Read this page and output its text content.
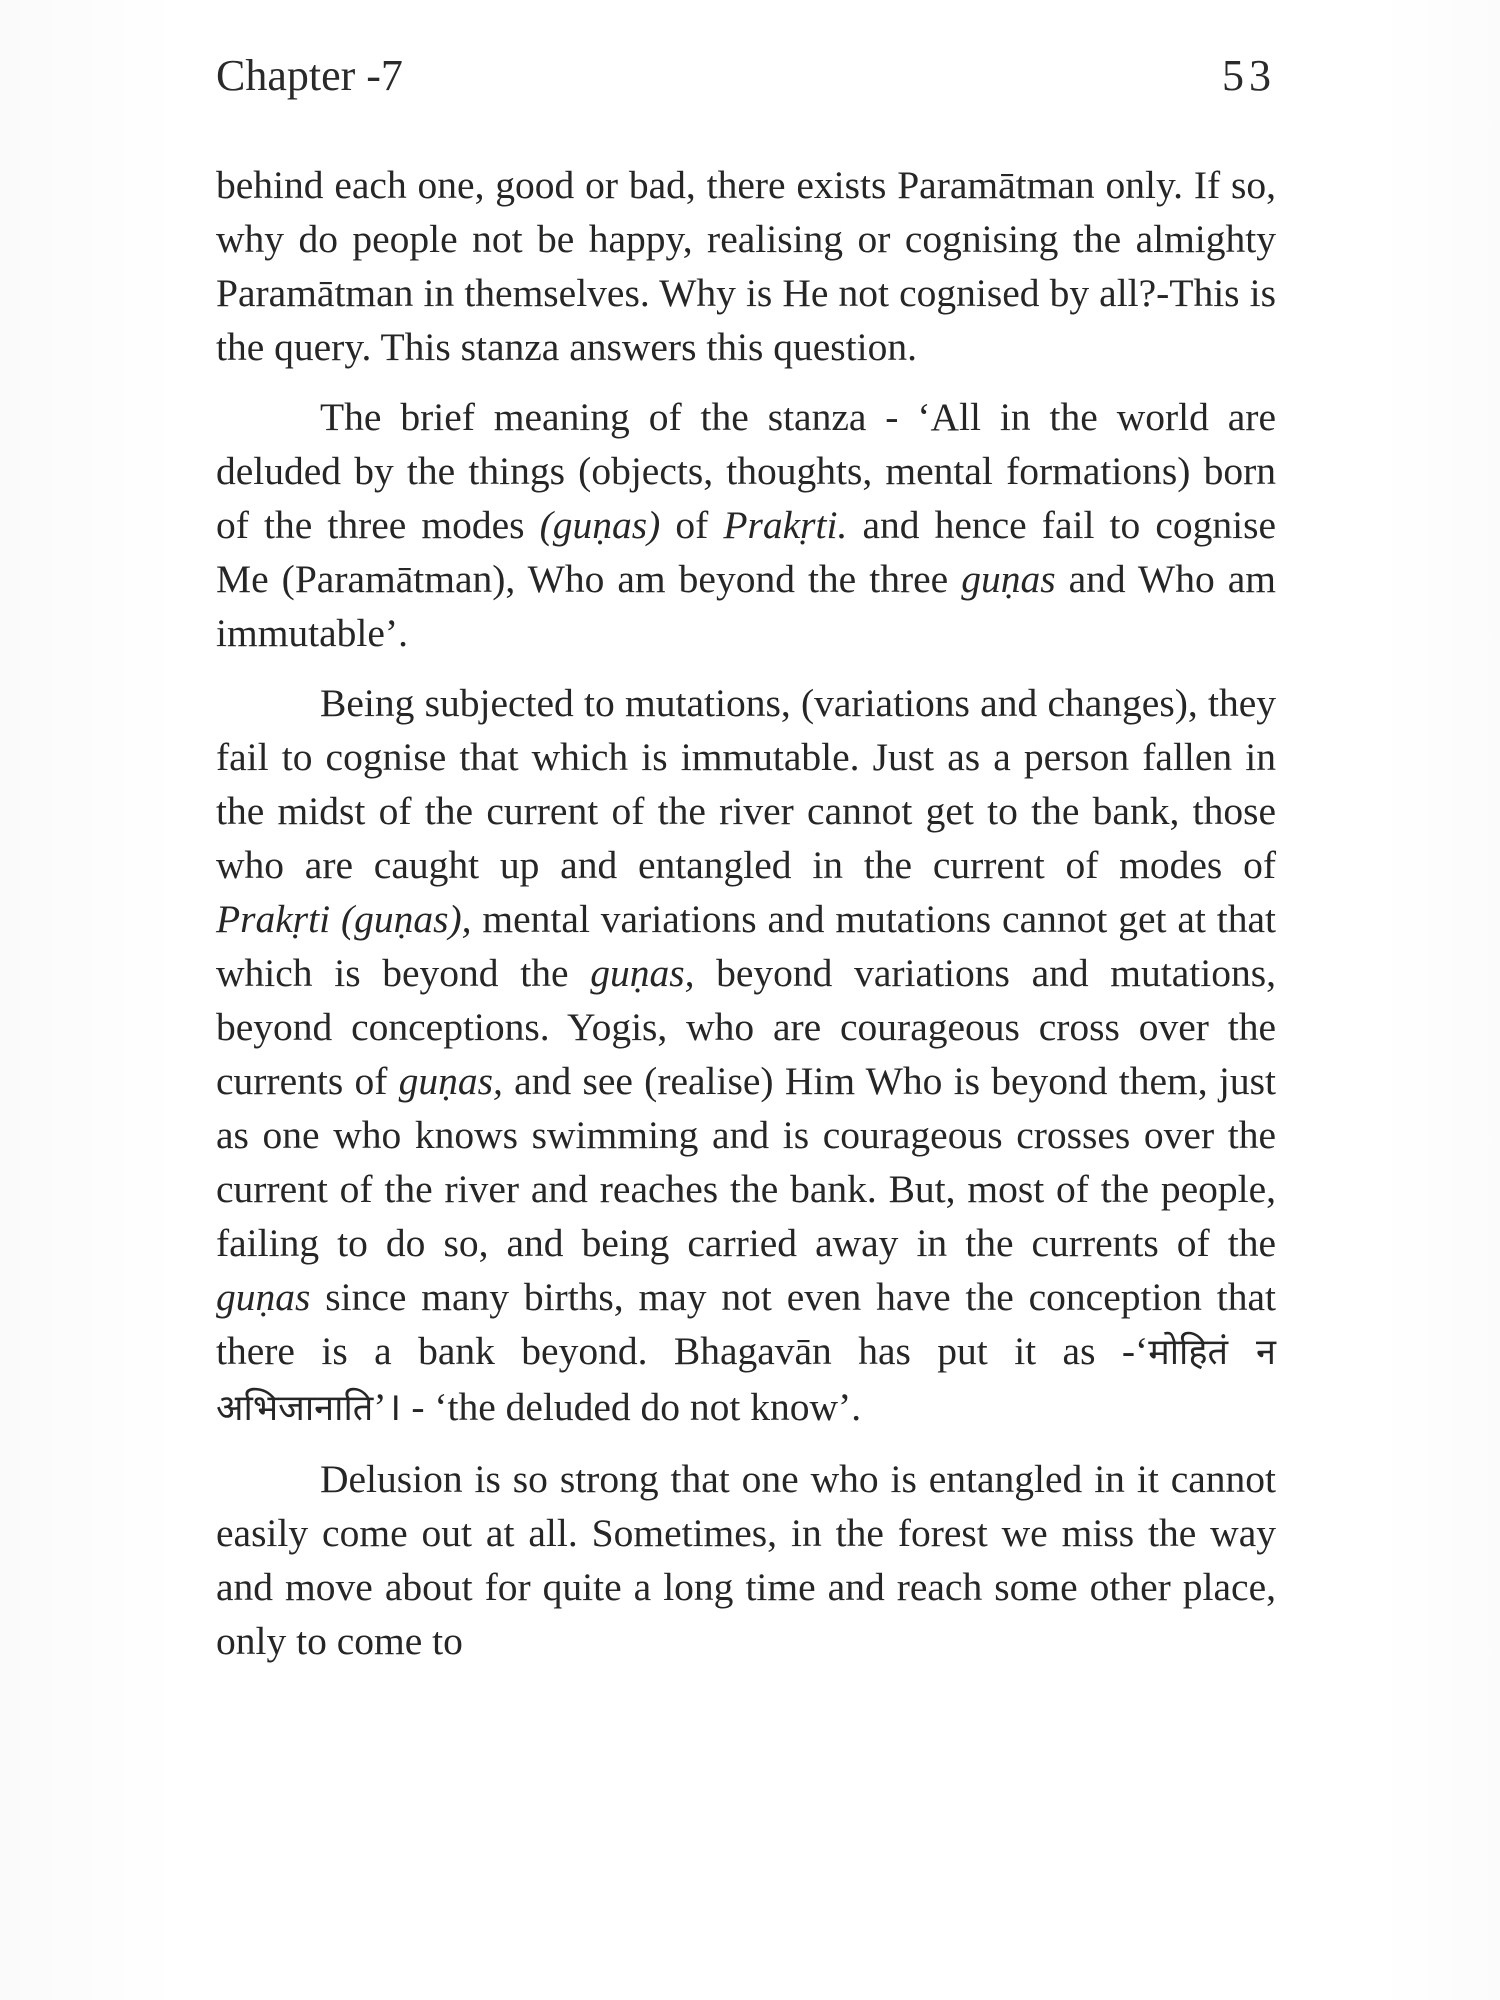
Chapter -7	53

behind each one, good or bad, there exists Paramātman only. If so, why do people not be happy, realising or cognising the almighty Paramātman in themselves. Why is He not cognised by all?-This is the query. This stanza answers this question.

The brief meaning of the stanza - ‘All in the world are deluded by the things (objects, thoughts, mental formations) born of the three modes (guṇas) of Prakṛti. and hence fail to cognise Me (Paramātman), Who am beyond the three guṇas and Who am immutable’.

Being subjected to mutations, (variations and changes), they fail to cognise that which is immutable. Just as a person fallen in the midst of the current of the river cannot get to the bank, those who are caught up and entangled in the current of modes of Prakṛti (guṇas), mental variations and mutations cannot get at that which is beyond the guṇas, beyond variations and mutations, beyond conceptions. Yogis, who are courageous cross over the currents of guṇas, and see (realise) Him Who is beyond them, just as one who knows swimming and is courageous crosses over the current of the river and reaches the bank. But, most of the people, failing to do so, and being carried away in the currents of the guṇas since many births, may not even have the conception that there is a bank beyond. Bhagavān has put it as -‘मोहितं न अभिजानाति’। - ‘the deluded do not know’.

Delusion is so strong that one who is entangled in it cannot easily come out at all. Sometimes, in the forest we miss the way and move about for quite a long time and reach some other place, only to come to
